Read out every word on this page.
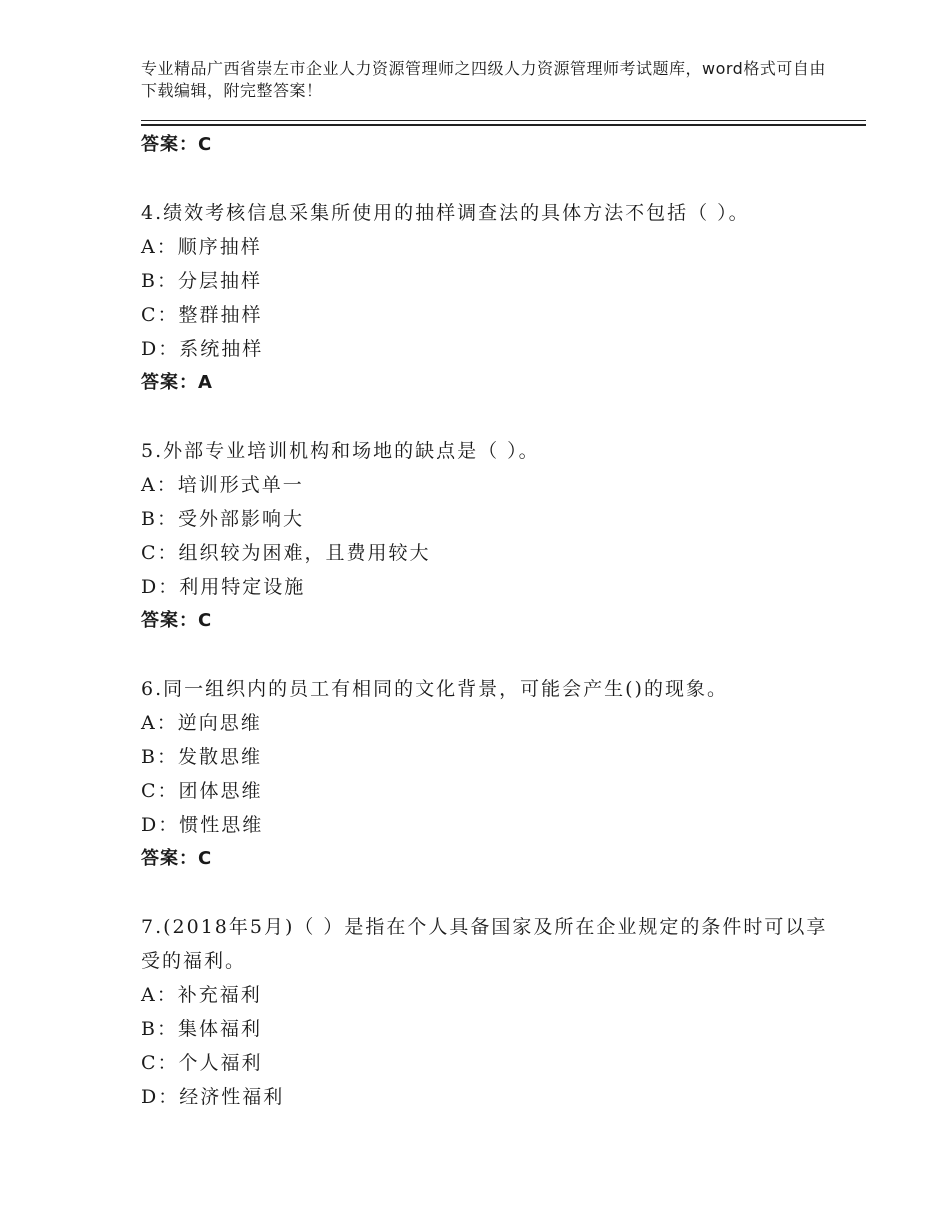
专业精品广西省崇左市企业人力资源管理师之四级人力资源管理师考试题库，word格式可自由下载编辑，附完整答案！
答案：C
4.绩效考核信息采集所使用的抽样调查法的具体方法不包括（ ）。
A：顺序抽样
B：分层抽样
C：整群抽样
D：系统抽样
答案：A
5.外部专业培训机构和场地的缺点是（ ）。
A：培训形式单一
B：受外部影响大
C：组织较为困难，且费用较大
D：利用特定设施
答案：C
6.同一组织内的员工有相同的文化背景，可能会产生()的现象。
A：逆向思维
B：发散思维
C：团体思维
D：惯性思维
答案：C
7.(2018年5月)（ ）是指在个人具备国家及所在企业规定的条件时可以享受的福利。
A：补充福利
B：集体福利
C：个人福利
D：经济性福利
